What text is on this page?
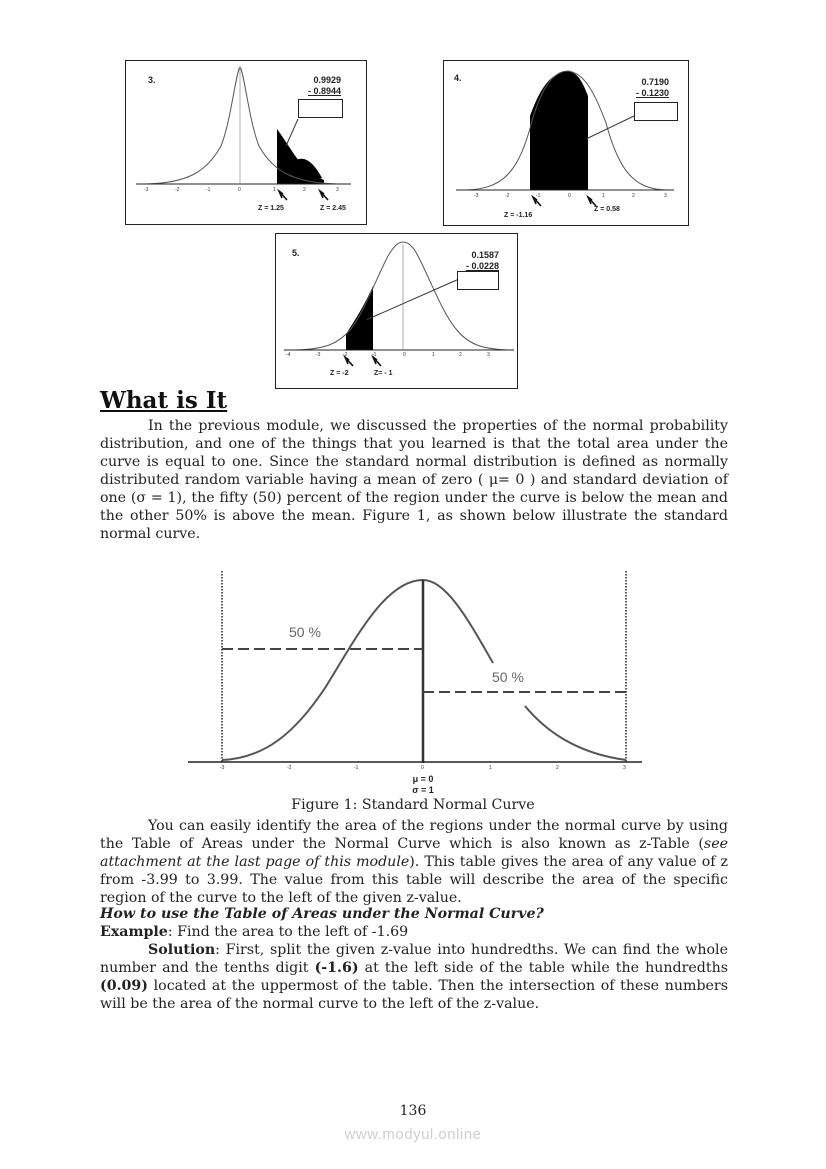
-3	-2	-1	0	1	2	3
3.	0.9929
- 0.8944
Z = 1.25	Z = 2.45
-3	-2	-1	0	1	2	3
4.	0.7190
- 0.1230
Z = -1.16
Z = 0.58
-4	-3	-2	-1	0	1	2	3
5.	0.1587
- 0.0228
Z = -2	Z= - 1
What is It

In the previous module, we discussed the properties of the normal probability distribution, and one of the things that you learned is that the total area under the curve is equal to one. Since the standard normal distribution is defined as normally distributed random variable having a mean of zero ( μ= 0 ) and standard deviation of one (σ = 1), the fifty (50) percent of the region under the curve is below the mean and the other 50% is above the mean. Figure 1, as shown below illustrate the standard normal curve.

50 %
50 %
-3	-2	-1	0	1	2	3
μ = 0
σ = 1
Figure 1: Standard Normal Curve

You can easily identify the area of the regions under the normal curve by using the Table of Areas under the Normal Curve which is also known as z-Table (see attachment at the last page of this module). This table gives the area of any value of z from -3.99 to 3.99. The value from this table will describe the area of the specific region of the curve to the left of the given z-value.

How to use the Table of Areas under the Normal Curve?

Example: Find the area to the left of -1.69

Solution: First, split the given z-value into hundredths. We can find the whole number and the tenths digit (-1.6) at the left side of the table while the hundredths (0.09) located at the uppermost of the table. Then the intersection of these numbers will be the area of the normal curve to the left of the z-value.

136
www.modyul.online
